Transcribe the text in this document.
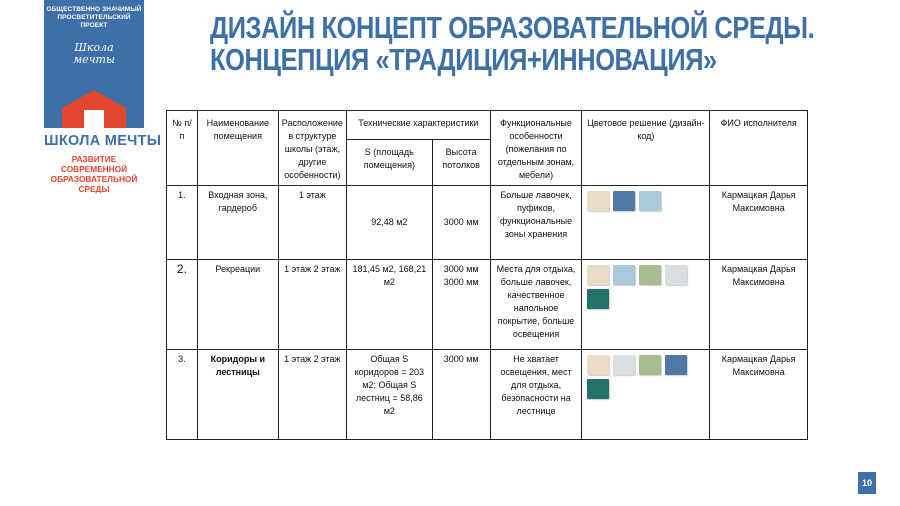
ОБЩЕСТВЕННО ЗНАЧИМЫЙ
ПРОСВЕТИТЕЛЬСКИЙ ПРОЕКТ
Школа
мечты
ШКОЛА МЕЧТЫ
РАЗВИТИЕ СОВРЕМЕННОЙ
ОБРАЗОВАТЕЛЬНОЙ СРЕДЫ
ДИЗАЙН КОНЦЕПТ ОБРАЗОВАТЕЛЬНОЙ СРЕДЫ.
КОНЦЕПЦИЯ «ТРАДИЦИЯ+ИННОВАЦИЯ»
№ п/п	Наименование помещения	Расположение в структуре школы (этаж, другие особенности)	Технические характеристики		Функциональные особенности (пожелания по отдельным зонам, мебели)	Цветовое решение (дизайн-код)	ФИО исполнителя
			S (площадь помещения)	Высота потолков			
1.	Входная зона, гардероб	1 этаж	92,48 м2	3000 мм	Больше лавочек, пуфиков, функциональные зоны хранения		Кармацкая Дарья Максимовна
2.	Рекреации	1 этаж 2 этаж	181,45 м2, 168,21 м2	3000 мм 3000 мм	Места для отдыха, больше лавочек, качественное напольное покрытие, больше освещения		Кармацкая Дарья Максимовна
3.	Коридоры и лестницы	1 этаж 2 этаж	Общая S коридоров = 203 м2; Общая S лестниц = 58,86 м2	3000 мм	Не хватает освещения, мест для отдыха, безопасности на лестнице		Кармацкая Дарья Максимовна
10
